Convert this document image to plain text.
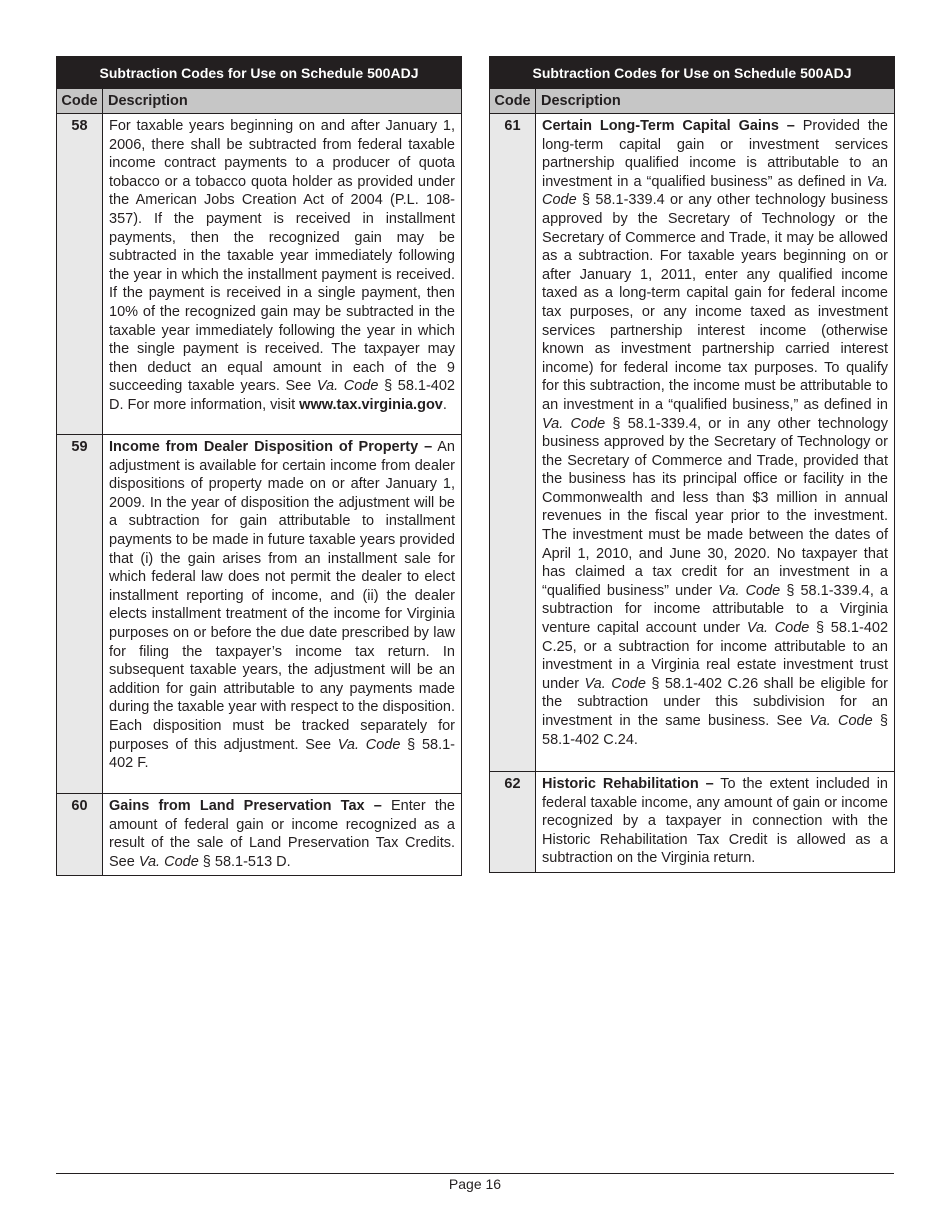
Subtraction Codes for Use on Schedule 500ADJ	
Code	Description
58	For taxable years beginning on and after January 1, 2006, there shall be subtracted from federal taxable income contract payments to a producer of quota tobacco or a tobacco quota holder as provided under the American Jobs Creation Act of 2004 (P.L. 108-357). If the payment is received in installment payments, then the recognized gain may be subtracted in the taxable year immediately following the year in which the installment payment is received. If the payment is received in a single payment, then 10% of the recognized gain may be subtracted in the taxable year immediately following the year in which the single payment is received. The taxpayer may then deduct an equal amount in each of the 9 succeeding taxable years. See Va. Code § 58.1-402 D. For more information, visit www.tax.virginia.gov.
59	Income from Dealer Disposition of Property – An adjustment is available for certain income from dealer dispositions of property made on or after January 1, 2009. In the year of disposition the adjustment will be a subtraction for gain attributable to installment payments to be made in future taxable years provided that (i) the gain arises from an installment sale for which federal law does not permit the dealer to elect installment reporting of income, and (ii) the dealer elects installment treatment of the income for Virginia purposes on or before the due date prescribed by law for filing the taxpayer’s income tax return. In subsequent taxable years, the adjustment will be an addition for gain attributable to any payments made during the taxable year with respect to the disposition. Each disposition must be tracked separately for purposes of this adjustment. See Va. Code § 58.1-402 F.
60	Gains from Land Preservation Tax – Enter the amount of federal gain or income recognized as a result of the sale of Land Preservation Tax Credits. See Va. Code § 58.1-513 D.
Subtraction Codes for Use on Schedule 500ADJ	
Code	Description
61	Certain Long-Term Capital Gains – Provided the long-term capital gain or investment services partnership qualified income is attributable to an investment in a “qualified business” as defined in Va. Code § 58.1-339.4 or any other technology business approved by the Secretary of Technology or the Secretary of Commerce and Trade, it may be allowed as a subtraction. For taxable years beginning on or after January 1, 2011, enter any qualified income taxed as a long-term capital gain for federal income tax purposes, or any income taxed as investment services partnership interest income (otherwise known as investment partnership carried interest income) for federal income tax purposes. To qualify for this subtraction, the income must be attributable to an investment in a “qualified business,” as defined in Va. Code § 58.1-339.4, or in any other technology business approved by the Secretary of Technology or the Secretary of Commerce and Trade, provided that the business has its principal office or facility in the Commonwealth and less than $3 million in annual revenues in the fiscal year prior to the investment. The investment must be made between the dates of April 1, 2010, and June 30, 2020. No taxpayer that has claimed a tax credit for an investment in a “qualified business” under Va. Code § 58.1-339.4, a subtraction for income attributable to a Virginia venture capital account under Va. Code § 58.1-402 C.25, or a subtraction for income attributable to an investment in a Virginia real estate investment trust under Va. Code § 58.1-402 C.26 shall be eligible for the subtraction under this subdivision for an investment in the same business. See Va. Code § 58.1-402 C.24.
62	Historic Rehabilitation – To the extent included in federal taxable income, any amount of gain or income recognized by a taxpayer in connection with the Historic Rehabilitation Tax Credit is allowed as a subtraction on the Virginia return.
Page 16
